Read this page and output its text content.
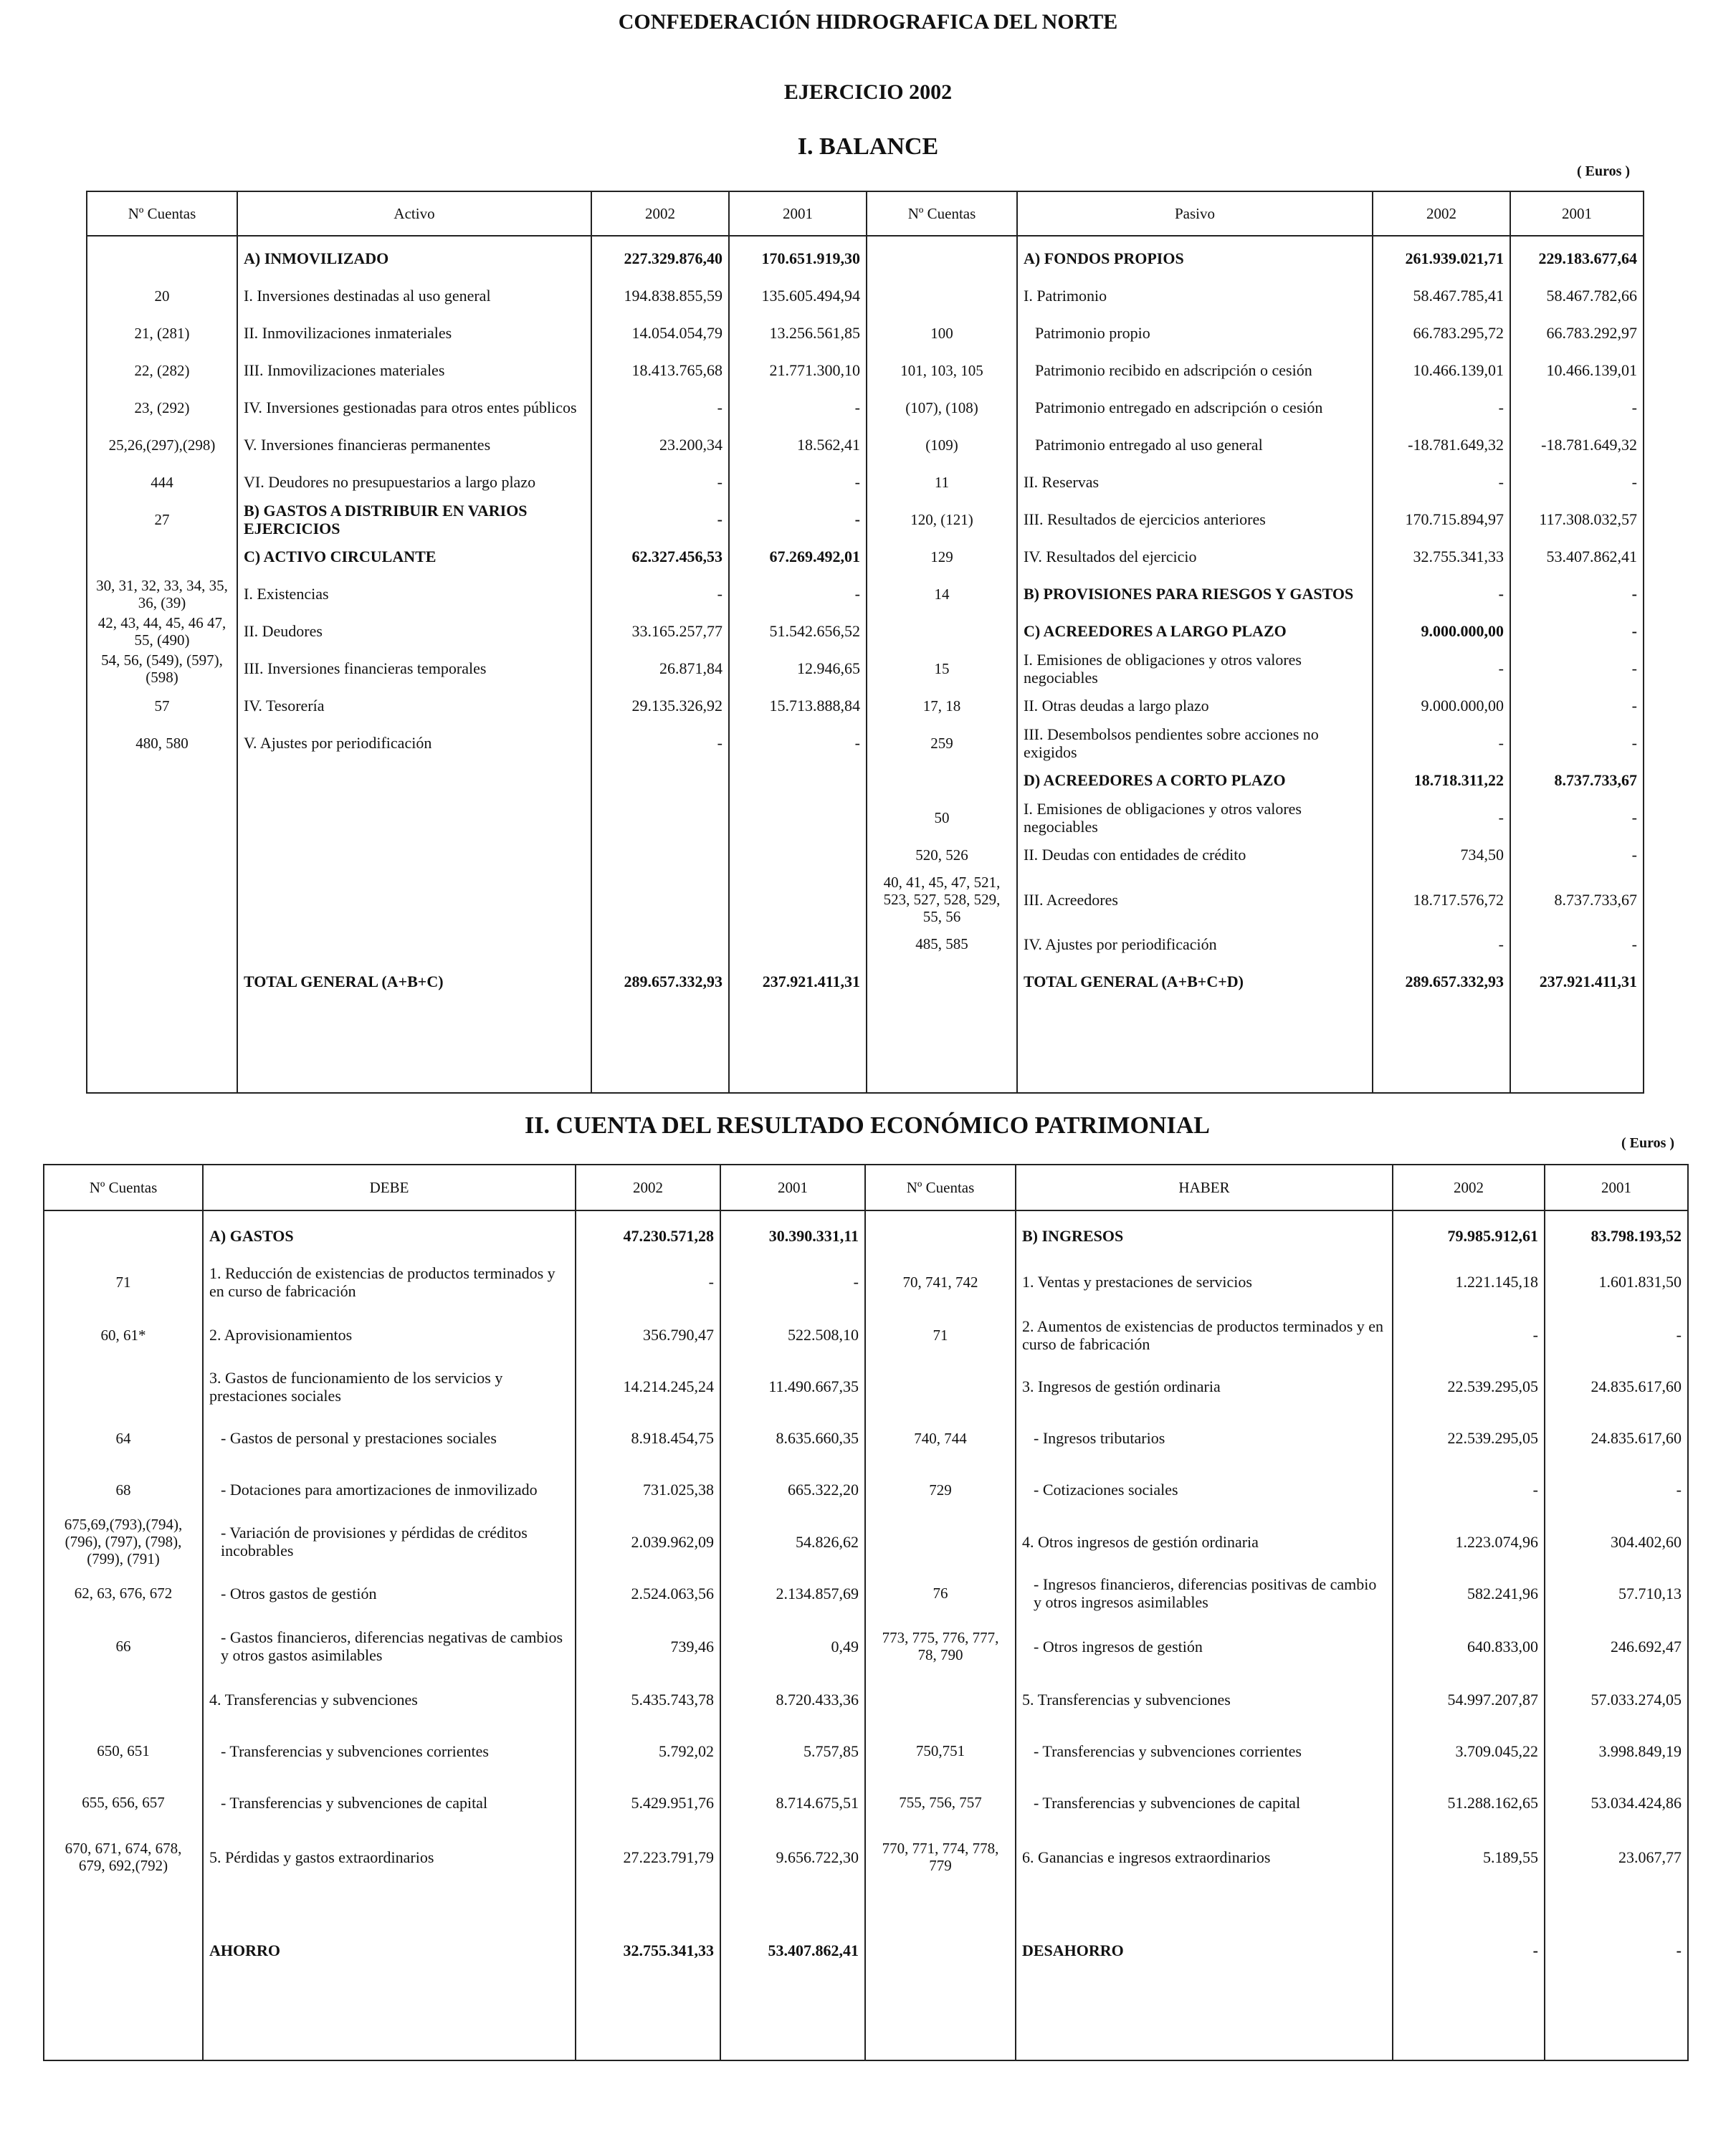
CONFEDERACIÓN HIDROGRAFICA DEL NORTE
EJERCICIO 2002
I. BALANCE
( Euros )
Nº Cuentas	Activo	2002	2001	Nº Cuentas	Pasivo	2002	2001

	A) INMOVILIZADO	227.329.876,40	170.651.919,30		A) FONDOS PROPIOS	261.939.021,71	229.183.677,64
20	I. Inversiones destinadas al uso general	194.838.855,59	135.605.494,94		I. Patrimonio	58.467.785,41	58.467.782,66
21, (281)	II. Inmovilizaciones inmateriales	14.054.054,79	13.256.561,85	100	Patrimonio propio	66.783.295,72	66.783.292,97
22, (282)	III. Inmovilizaciones materiales	18.413.765,68	21.771.300,10	101, 103, 105	Patrimonio recibido en adscripción o cesión	10.466.139,01	10.466.139,01
23, (292)	IV. Inversiones gestionadas para otros entes públicos	-	-	(107), (108)	Patrimonio entregado en adscripción o cesión	-	-
25,26,(297),(298)	V. Inversiones financieras permanentes	23.200,34	18.562,41	(109)	Patrimonio entregado al uso general	-18.781.649,32	-18.781.649,32
444	VI. Deudores no presupuestarios a largo plazo	-	-	11	II. Reservas	-	-
27	B) GASTOS A DISTRIBUIR EN VARIOS EJERCICIOS	-	-	120, (121)	III. Resultados de ejercicios anteriores	170.715.894,97	117.308.032,57
	C) ACTIVO CIRCULANTE	62.327.456,53	67.269.492,01	129	IV. Resultados del ejercicio	32.755.341,33	53.407.862,41
30, 31, 32, 33, 34, 35, 36, (39)	I. Existencias	-	-	14	B) PROVISIONES PARA RIESGOS Y GASTOS	-	-
42, 43, 44, 45, 46 47, 55, (490)	II. Deudores	33.165.257,77	51.542.656,52		C) ACREEDORES A LARGO PLAZO	9.000.000,00	-
54, 56, (549), (597), (598)	III. Inversiones financieras temporales	26.871,84	12.946,65	15	I. Emisiones de obligaciones y otros valores negociables	-	-
57	IV. Tesorería	29.135.326,92	15.713.888,84	17, 18	II. Otras deudas a largo plazo	9.000.000,00	-
480, 580	V. Ajustes por periodificación	-	-	259	III. Desembolsos pendientes sobre acciones no exigidos	-	-
					D) ACREEDORES A CORTO PLAZO	18.718.311,22	8.737.733,67
				50	I. Emisiones de obligaciones y otros valores negociables	-	-
				520, 526	II. Deudas con entidades de crédito	734,50	-
				40, 41, 45, 47, 521, 523, 527, 528, 529, 55, 56	III. Acreedores	18.717.576,72	8.737.733,67
				485, 585	IV. Ajustes por periodificación	-	-
	TOTAL GENERAL (A+B+C)	289.657.332,93	237.921.411,31		TOTAL GENERAL (A+B+C+D)	289.657.332,93	237.921.411,31

II. CUENTA DEL RESULTADO ECONÓMICO PATRIMONIAL
( Euros )
Nº Cuentas	DEBE	2002	2001	Nº Cuentas	HABER	2002	2001

	A) GASTOS	47.230.571,28	30.390.331,11		B) INGRESOS	79.985.912,61	83.798.193,52
71	1. Reducción de existencias de productos terminados y en curso de fabricación	-	-	70, 741, 742	1. Ventas y prestaciones de servicios	1.221.145,18	1.601.831,50
60, 61*	2. Aprovisionamientos	356.790,47	522.508,10	71	2. Aumentos de existencias de productos terminados y en curso de fabricación	-	-
	3. Gastos de funcionamiento de los servicios y prestaciones sociales	14.214.245,24	11.490.667,35		3. Ingresos de gestión ordinaria	22.539.295,05	24.835.617,60
64	- Gastos de personal y prestaciones sociales	8.918.454,75	8.635.660,35	740, 744	- Ingresos tributarios	22.539.295,05	24.835.617,60
68	- Dotaciones para amortizaciones de inmovilizado	731.025,38	665.322,20	729	- Cotizaciones sociales	-	-
675,69,(793),(794), (796), (797), (798), (799), (791)	- Variación de provisiones y pérdidas de créditos incobrables	2.039.962,09	54.826,62		4. Otros ingresos de gestión ordinaria	1.223.074,96	304.402,60
62, 63, 676, 672	- Otros gastos de gestión	2.524.063,56	2.134.857,69	76	- Ingresos financieros, diferencias positivas de cambio y otros ingresos asimilables	582.241,96	57.710,13
66	- Gastos financieros, diferencias negativas de cambios y otros gastos asimilables	739,46	0,49	773, 775, 776, 777, 78, 790	- Otros ingresos de gestión	640.833,00	246.692,47
	4. Transferencias y subvenciones	5.435.743,78	8.720.433,36		5. Transferencias y subvenciones	54.997.207,87	57.033.274,05
650, 651	- Transferencias y subvenciones corrientes	5.792,02	5.757,85	750,751	- Transferencias y subvenciones corrientes	3.709.045,22	3.998.849,19
655, 656, 657	- Transferencias y subvenciones de capital	5.429.951,76	8.714.675,51	755, 756, 757	- Transferencias y subvenciones de capital	51.288.162,65	53.034.424,86
670, 671, 674, 678, 679, 692,(792)	5. Pérdidas y gastos extraordinarios	27.223.791,79	9.656.722,30	770, 771, 774, 778, 779	6. Ganancias e ingresos extraordinarios	5.189,55	23.067,77
	AHORRO	32.755.341,33	53.407.862,41		DESAHORRO	-	-
